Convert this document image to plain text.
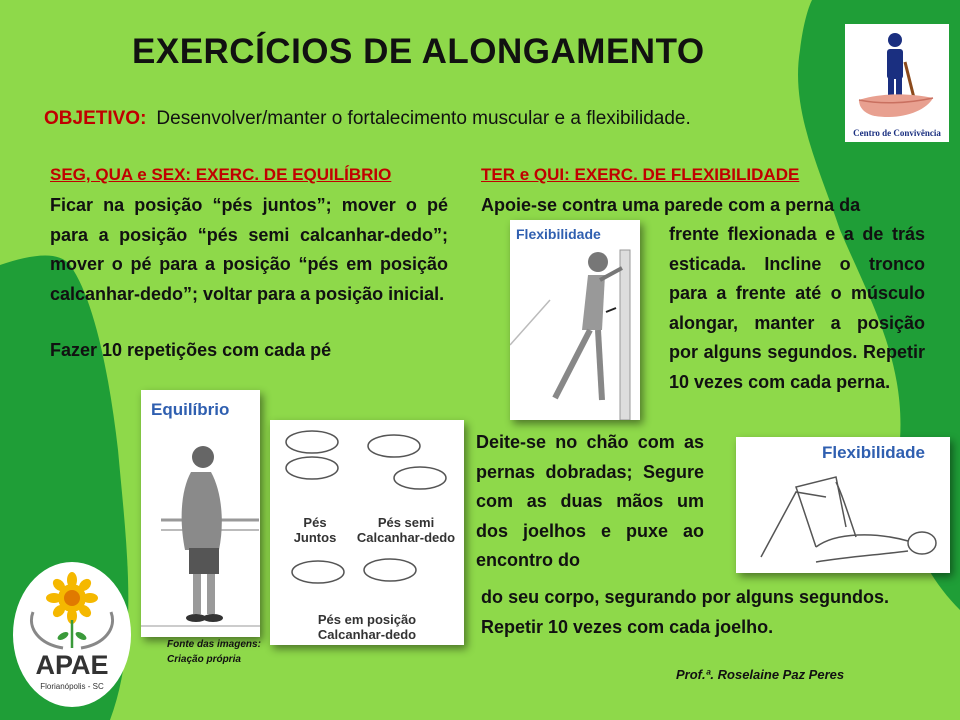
EXERCÍCIOS DE ALONGAMENTO
OBJETIVO: Desenvolver/manter o fortalecimento muscular e a flexibilidade.
SEG, QUA e SEX: EXERC. DE EQUILÍBRIO
Ficar na posição “pés juntos”; mover o pé para a posição “pés semi calcanhar-dedo”; mover o pé para a posição “pés em posição calcanhar-dedo”; voltar para a posição inicial.
Fazer 10 repetições com cada pé
TER e QUI: EXERC. DE FLEXIBILIDADE
Apoie-se contra uma parede com a perna da
frente flexionada e a de trás esticada. Incline o tronco para a frente até o músculo alongar, manter a posição por alguns segundos. Repetir 10 vezes com cada perna.
Deite-se no chão com as pernas dobradas; Segure com as duas mãos um dos joelhos e puxe ao encontro do
do seu corpo, segurando por alguns segundos. Repetir 10 vezes com cada joelho.
Equilíbrio
Pés
Juntos
Pés semi
Calcanhar-dedo
Pés em posição
Calcanhar-dedo
Fonte das imagens:
Criação própria
Flexibilidade
Flexibilidade
Prof.ª. Roselaine Paz Peres
Centro de Convivência
APAE
Florianópolis - SC
